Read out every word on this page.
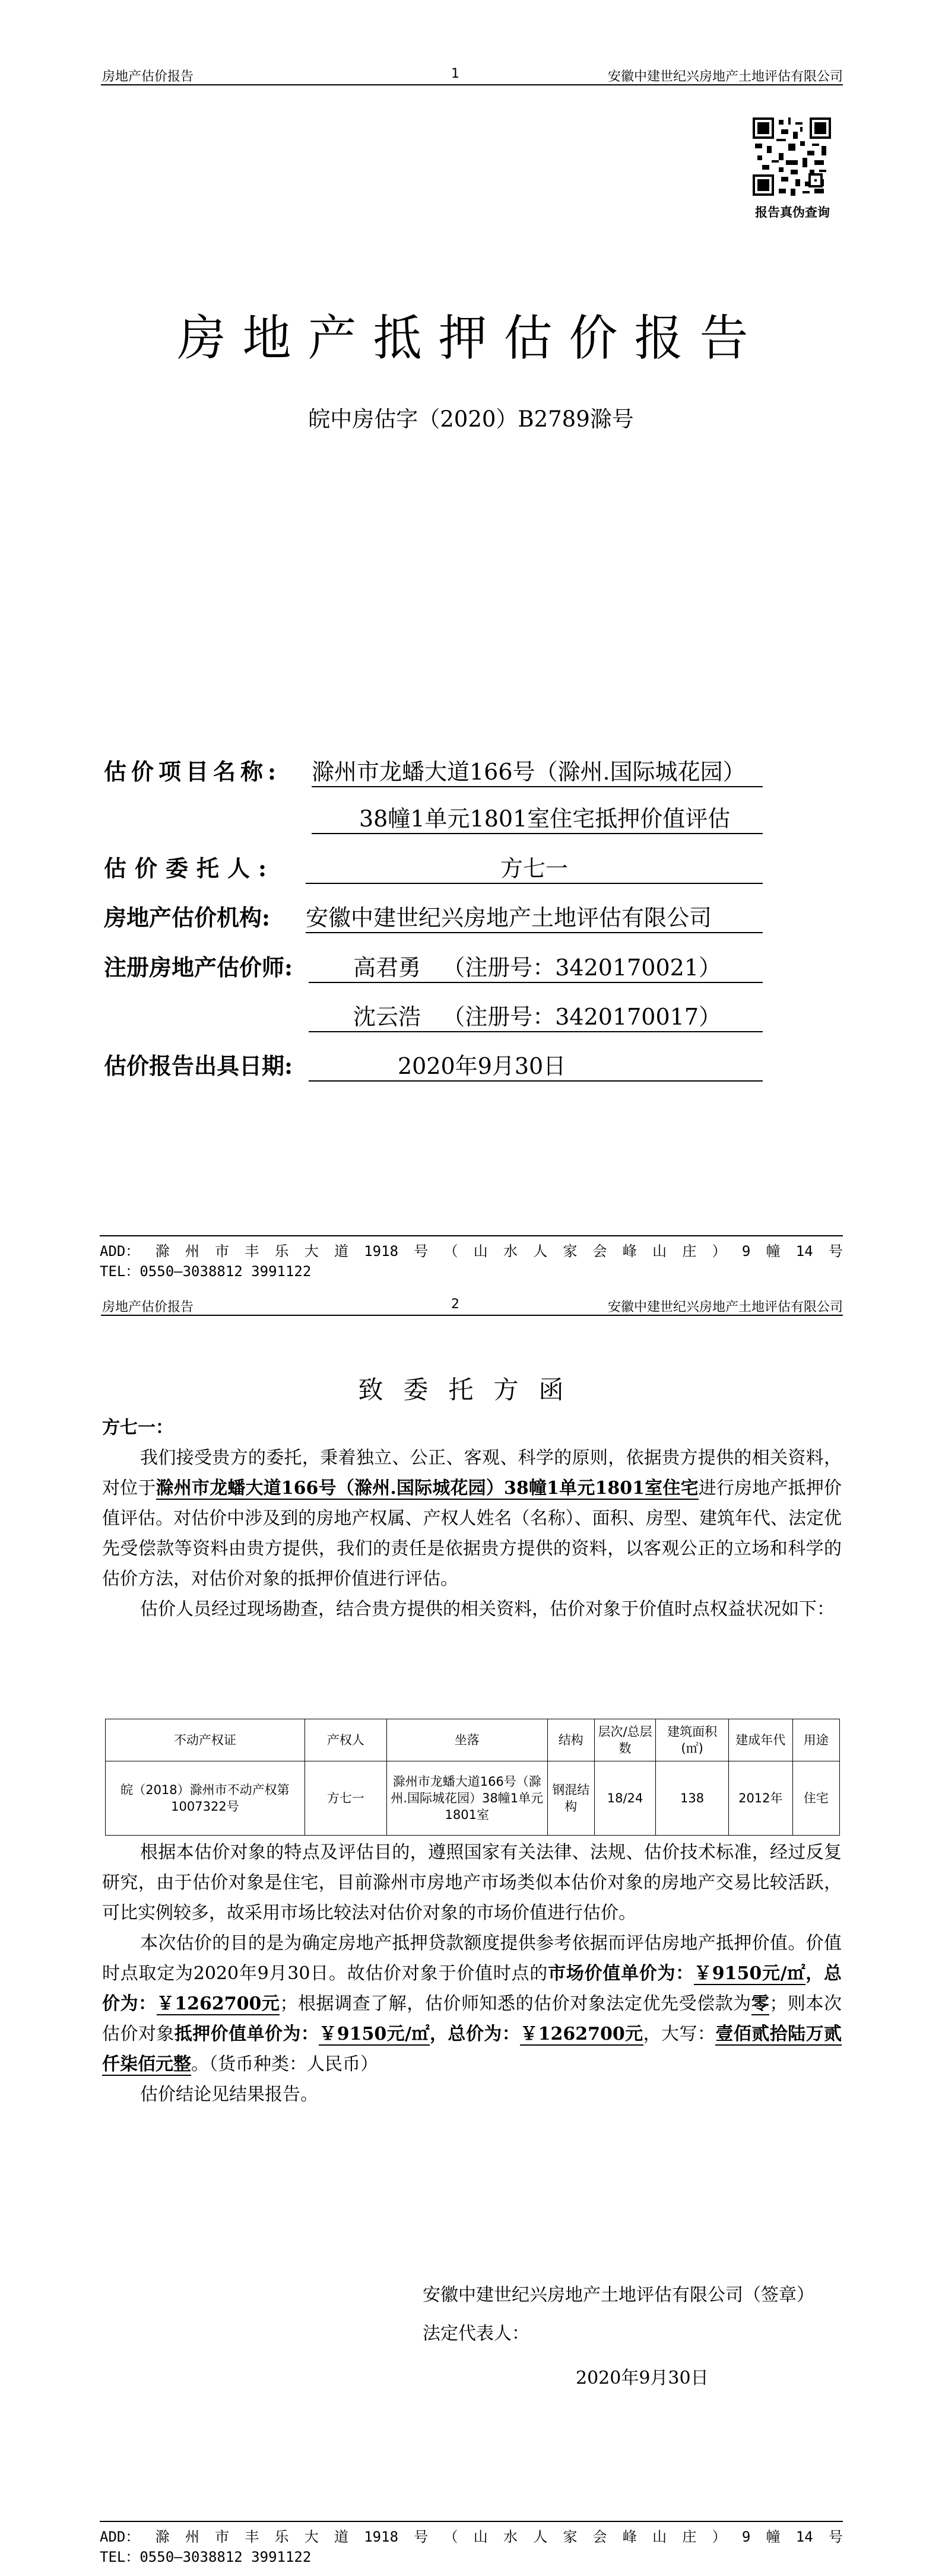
房地产估价报告	1	安徽中建世纪兴房地产土地评估有限公司
报告真伪查询
房地产抵押估价报告
皖中房估字（2020）B2789滁号
估价项目名称: 滁州市龙蟠大道166号（滁州.国际城花园）
38幢1单元1801室住宅抵押价值评估
估价委托人:	方七一
房地产估价机构: 安徽中建世纪兴房地产土地评估有限公司
注册房地产估价师:	高君勇   （注册号：3420170021）
沈云浩   （注册号：3420170017）
估价报告出具日期:	2020年9月30日
ADD： 滁 州 市 丰 乐 大 道 1918 号 （ 山 水 人 家 会 峰 山 庄 ） 9 幢 14 号
TEL：0550—3038812 3991122
房地产估价报告	2	安徽中建世纪兴房地产土地评估有限公司
致委托方函

方七一：

我们接受贵方的委托，秉着独立、公正、客观、科学的原则，依据贵方提供的相关资料，对位于滁州市龙蟠大道166号（滁州.国际城花园）38幢1单元1801室住宅进行房地产抵押价值评估。对估价中涉及到的房地产权属、产权人姓名（名称）、面积、房型、建筑年代、法定优先受偿款等资料由贵方提供，我们的责任是依据贵方提供的资料，以客观公正的立场和科学的估价方法，对估价对象的抵押价值进行评估。

估价人员经过现场勘查，结合贵方提供的相关资料，估价对象于价值时点权益状况如下：

不动产权证	产权人	坐落	结构	层次/总层数	建筑面积(㎡)	建成年代	用途
皖（2018）滁州市不动产权第1007322号	方七一	滁州市龙蟠大道166号（滁州.国际城花园）38幢1单元1801室	钢混结构	18/24	138	2012年	住宅

根据本估价对象的特点及评估目的，遵照国家有关法律、法规、估价技术标准，经过反复研究，由于估价对象是住宅，目前滁州市房地产市场类似本估价对象的房地产交易比较活跃，可比实例较多，故采用市场比较法对估价对象的市场价值进行估价。

本次估价的目的是为确定房地产抵押贷款额度提供参考依据而评估房地产抵押价值。价值时点取定为2020年9月30日。故估价对象于价值时点的市场价值单价为：￥9150元/㎡，总价为：￥1262700元；根据调查了解，估价师知悉的估价对象法定优先受偿款为零；则本次估价对象抵押价值单价为：￥9150元/㎡，总价为：￥1262700元，大写：壹佰贰拾陆万贰仟柒佰元整。（货币种类：人民币）

估价结论见结果报告。

安徽中建世纪兴房地产土地评估有限公司（签章）
法定代表人：
2020年9月30日
ADD： 滁 州 市 丰 乐 大 道 1918 号 （ 山 水 人 家 会 峰 山 庄 ） 9 幢 14 号
TEL：0550—3038812 3991122
